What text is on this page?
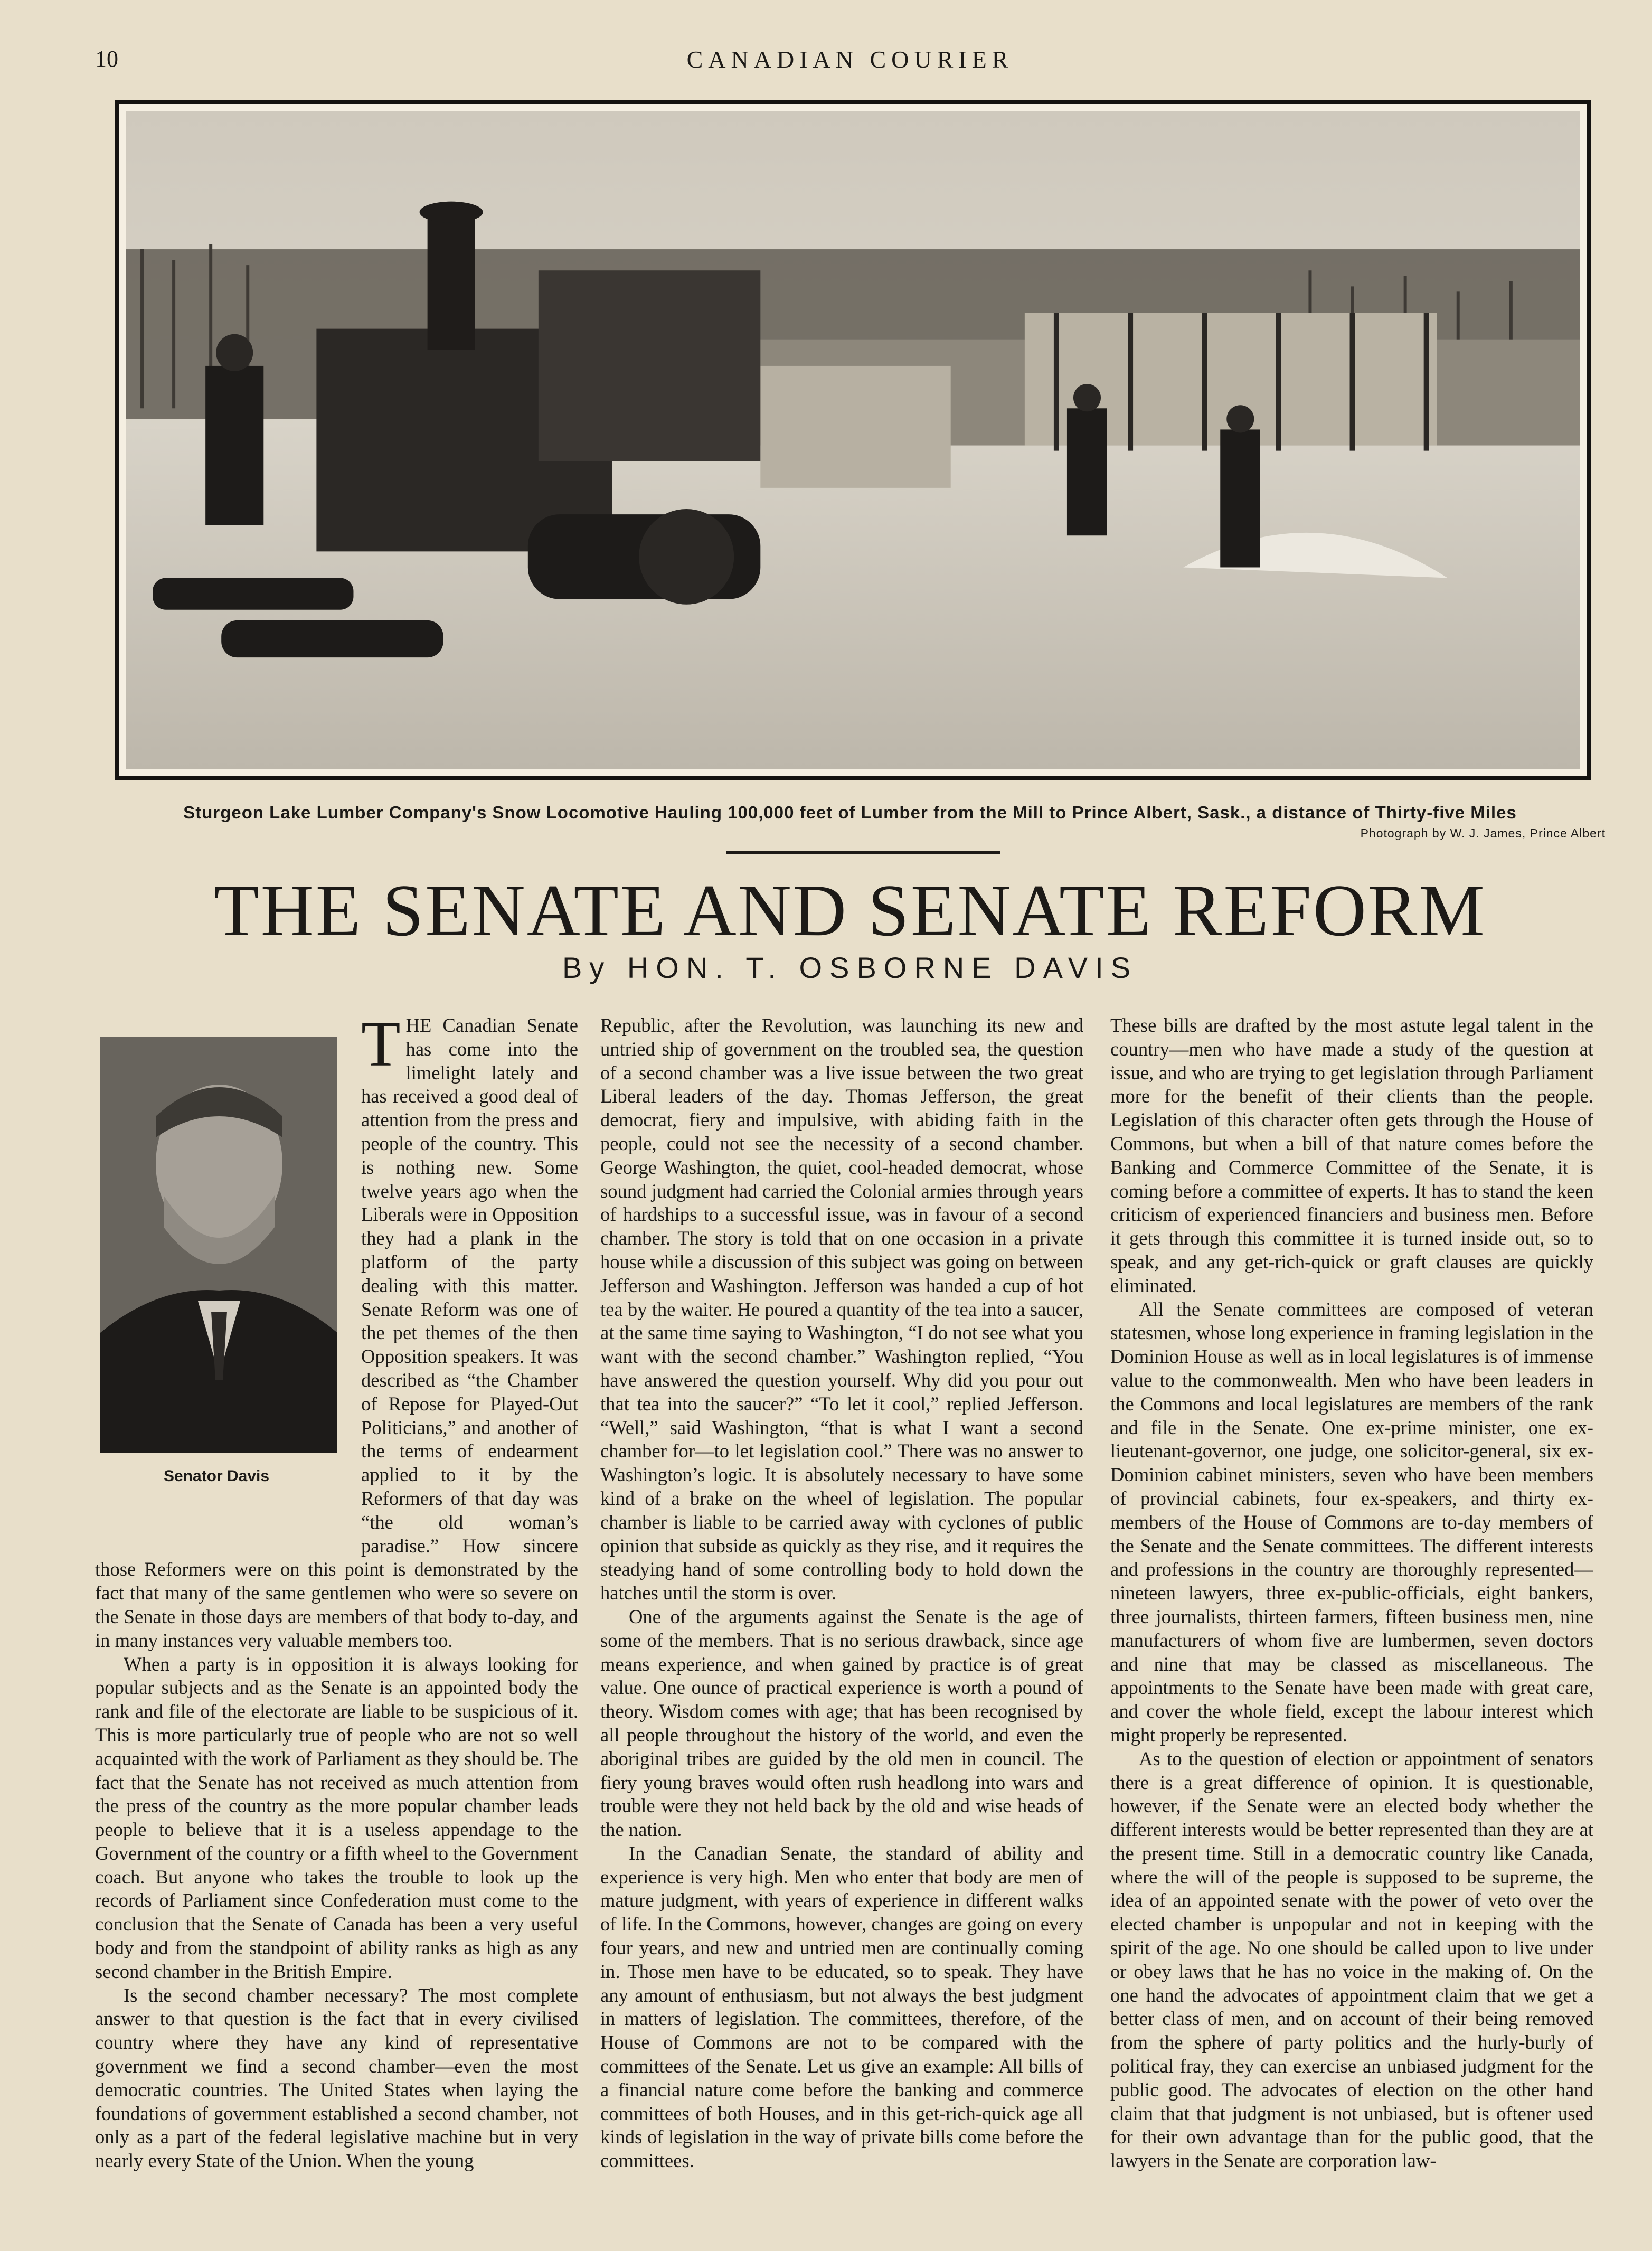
10	CANADIAN COURIER
Sturgeon Lake Lumber Company's Snow Locomotive Hauling 100,000 feet of Lumber from the Mill to Prince Albert, Sask., a distance of Thirty-five Miles
Photograph by W. J. James, Prince Albert
THE SENATE AND SENATE REFORM
By HON. T. OSBORNE DAVIS
Senator Davis

THE Canadian Senate has come into the limelight lately and has received a good deal of attention from the press and people of the country. This is nothing new. Some twelve years ago when the Liberals were in Opposition they had a plank in the platform of the party dealing with this matter. Senate Reform was one of the pet themes of the then Opposition speakers. It was described as “the Chamber of Repose for Played-Out Politicians,” and another of the terms of endearment applied to it by the Reformers of that day was “the old woman’s paradise.” How sincere those Reformers were on this point is demonstrated by the fact that many of the same gentlemen who were so severe on the Senate in those days are members of that body to-day, and in many instances very valuable members too.

When a party is in opposition it is always looking for popular subjects and as the Senate is an appointed body the rank and file of the electorate are liable to be suspicious of it. This is more particularly true of people who are not so well acquainted with the work of Parliament as they should be. The fact that the Senate has not received as much attention from the press of the country as the more popular chamber leads people to believe that it is a useless appendage to the Government of the country or a fifth wheel to the Government coach. But anyone who takes the trouble to look up the records of Parliament since Confederation must come to the conclusion that the Senate of Canada has been a very useful body and from the standpoint of ability ranks as high as any second chamber in the British Empire.

Is the second chamber necessary? The most complete answer to that question is the fact that in every civilised country where they have any kind of representative government we find a second chamber—even the most democratic countries. The United States when laying the foundations of government established a second chamber, not only as a part of the federal legislative machine but in very nearly every State of the Union. When the young

Republic, after the Revolution, was launching its new and untried ship of government on the troubled sea, the question of a second chamber was a live issue between the two great Liberal leaders of the day. Thomas Jefferson, the great democrat, fiery and impulsive, with abiding faith in the people, could not see the necessity of a second chamber. George Washington, the quiet, cool-headed democrat, whose sound judgment had carried the Colonial armies through years of hardships to a successful issue, was in favour of a second chamber. The story is told that on one occasion in a private house while a discussion of this subject was going on between Jefferson and Washington. Jefferson was handed a cup of hot tea by the waiter. He poured a quantity of the tea into a saucer, at the same time saying to Washington, “I do not see what you want with the second chamber.” Washington replied, “You have answered the question yourself. Why did you pour out that tea into the saucer?” “To let it cool,” replied Jefferson. “Well,” said Washington, “that is what I want a second chamber for—to let legislation cool.” There was no answer to Washington’s logic. It is absolutely necessary to have some kind of a brake on the wheel of legislation. The popular chamber is liable to be carried away with cyclones of public opinion that subside as quickly as they rise, and it requires the steadying hand of some controlling body to hold down the hatches until the storm is over.

One of the arguments against the Senate is the age of some of the members. That is no serious drawback, since age means experience, and when gained by practice is of great value. One ounce of practical experience is worth a pound of theory. Wisdom comes with age; that has been recognised by all people throughout the history of the world, and even the aboriginal tribes are guided by the old men in council. The fiery young braves would often rush headlong into wars and trouble were they not held back by the old and wise heads of the nation.

In the Canadian Senate, the standard of ability and experience is very high. Men who enter that body are men of mature judgment, with years of experience in different walks of life. In the Commons, however, changes are going on every four years, and new and untried men are continually coming in. Those men have to be educated, so to speak. They have any amount of enthusiasm, but not always the best judgment in matters of legislation. The committees, therefore, of the House of Commons are not to be compared with the committees of the Senate. Let us give an example: All bills of a financial nature come before the banking and commerce committees of both Houses, and in this get-rich-quick age all kinds of legislation in the way of private bills come before the committees.

These bills are drafted by the most astute legal talent in the country—men who have made a study of the question at issue, and who are trying to get legislation through Parliament more for the benefit of their clients than the people. Legislation of this character often gets through the House of Commons, but when a bill of that nature comes before the Banking and Commerce Committee of the Senate, it is coming before a committee of experts. It has to stand the keen criticism of experienced financiers and business men. Before it gets through this committee it is turned inside out, so to speak, and any get-rich-quick or graft clauses are quickly eliminated.

All the Senate committees are composed of veteran statesmen, whose long experience in framing legislation in the Dominion House as well as in local legislatures is of immense value to the commonwealth. Men who have been leaders in the Commons and local legislatures are members of the rank and file in the Senate. One ex-prime minister, one ex-lieutenant-governor, one judge, one solicitor-general, six ex-Dominion cabinet ministers, seven who have been members of provincial cabinets, four ex-speakers, and thirty ex-members of the House of Commons are to-day members of the Senate and the Senate committees. The different interests and professions in the country are thoroughly represented—nineteen lawyers, three ex-public-officials, eight bankers, three journalists, thirteen farmers, fifteen business men, nine manufacturers of whom five are lumbermen, seven doctors and nine that may be classed as miscellaneous. The appointments to the Senate have been made with great care, and cover the whole field, except the labour interest which might properly be represented.

As to the question of election or appointment of senators there is a great difference of opinion. It is questionable, however, if the Senate were an elected body whether the different interests would be better represented than they are at the present time. Still in a democratic country like Canada, where the will of the people is supposed to be supreme, the idea of an appointed senate with the power of veto over the elected chamber is unpopular and not in keeping with the spirit of the age. No one should be called upon to live under or obey laws that he has no voice in the making of. On the one hand the advocates of appointment claim that we get a better class of men, and on account of their being removed from the sphere of party politics and the hurly-burly of political fray, they can exercise an unbiased judgment for the public good. The advocates of election on the other hand claim that that judgment is not unbiased, but is oftener used for their own advantage than for the public good, that the lawyers in the Senate are corporation law-
